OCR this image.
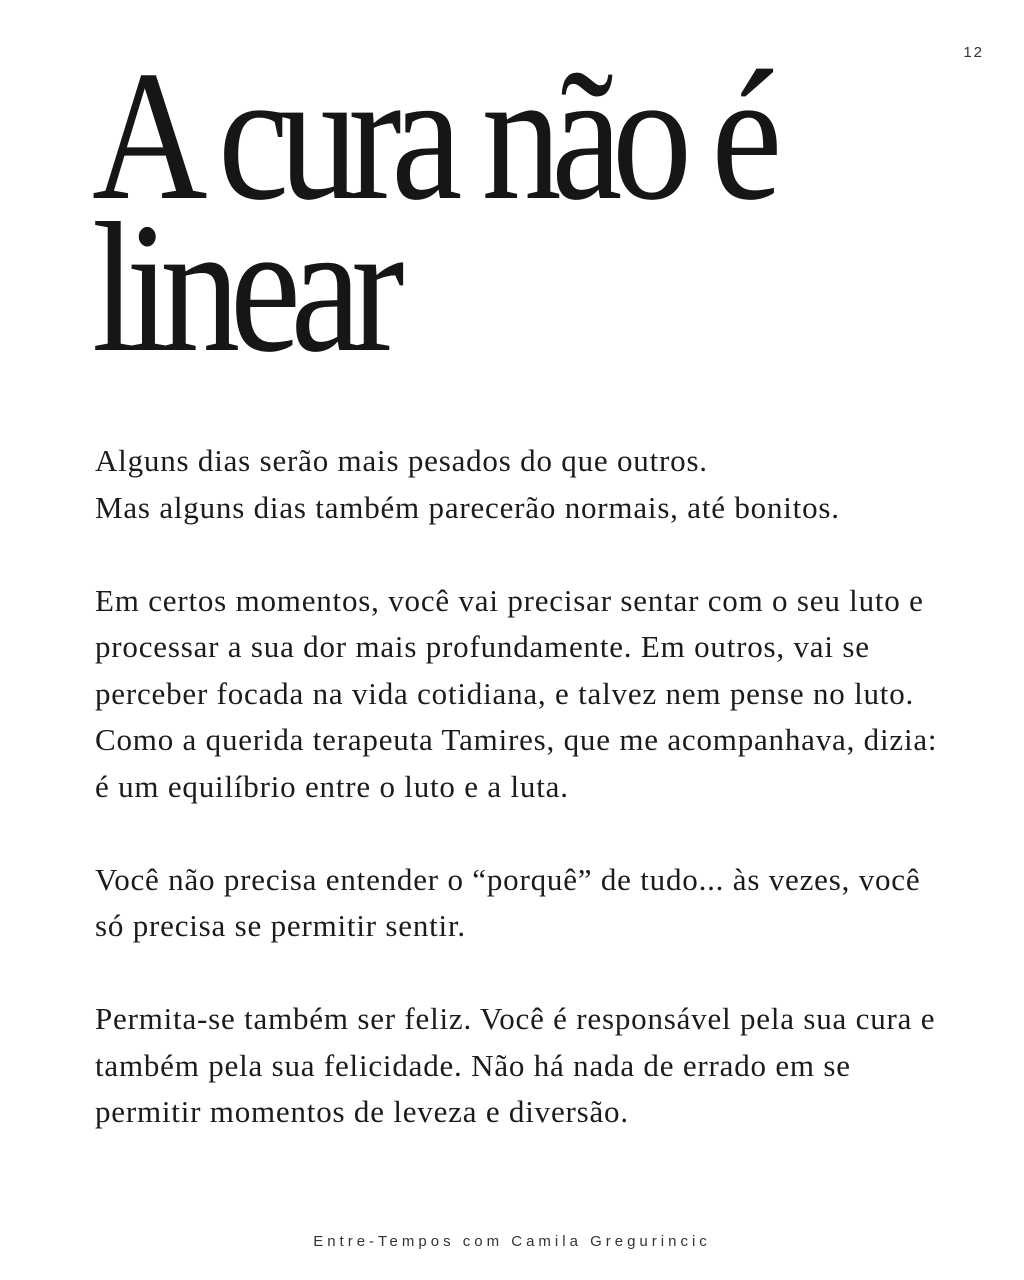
12
A cura não é
linear

Alguns dias serão mais pesados do que outros.
Mas alguns dias também parecerão normais, até bonitos.

Em certos momentos, você vai precisar sentar com o seu luto e processar a sua dor mais profundamente. Em outros, vai se perceber focada na vida cotidiana, e talvez nem pense no luto. Como a querida terapeuta Tamires, que me acompanhava, dizia: é um equilíbrio entre o luto e a luta.

Você não precisa entender o “porquê” de tudo... às vezes, você só precisa se permitir sentir.

Permita-se também ser feliz. Você é responsável pela sua cura e também pela sua felicidade. Não há nada de errado em se permitir momentos de leveza e diversão.

Entre-Tempos com Camila Gregurincic
